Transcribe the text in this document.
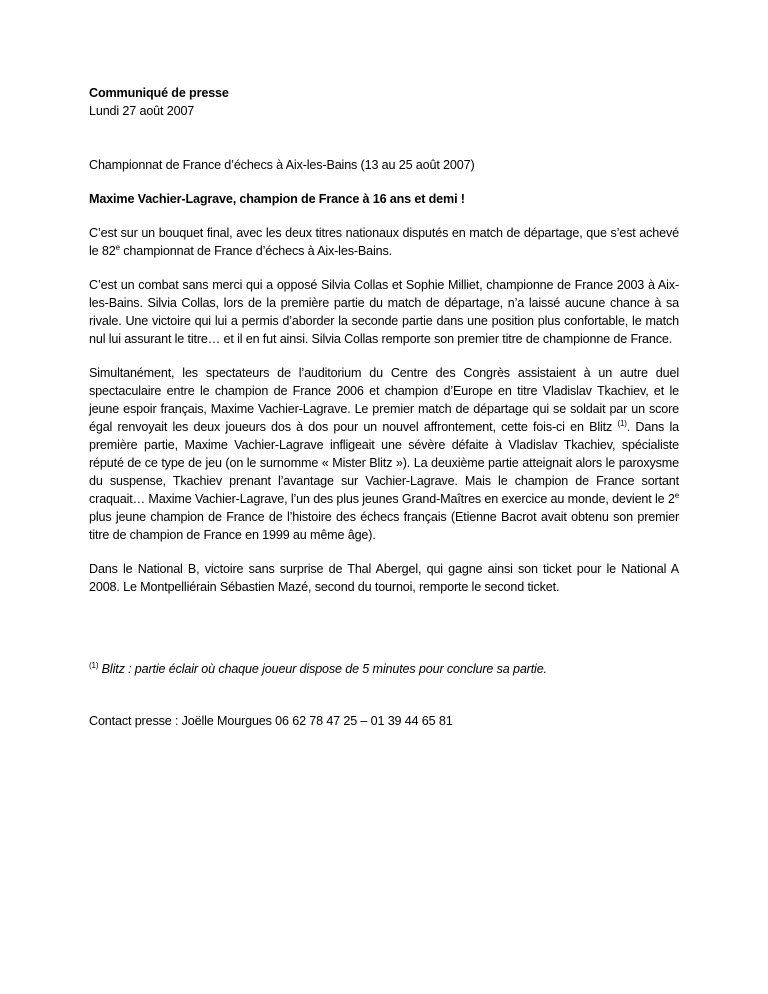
Communiqué de presse
Lundi 27 août 2007

Championnat de France d’échecs à Aix-les-Bains (13 au 25 août 2007)

Maxime Vachier-Lagrave, champion de France à 16 ans et demi !

C’est sur un bouquet final, avec les deux titres nationaux disputés en match de départage, que s’est achevé le 82e championnat de France d’échecs à Aix-les-Bains.

C’est un combat sans merci qui a opposé Silvia Collas et Sophie Milliet, championne de France 2003 à Aix-les-Bains. Silvia Collas, lors de la première partie du match de départage, n’a laissé aucune chance à sa rivale. Une victoire qui lui a permis d’aborder la seconde partie dans une position plus confortable, le match nul lui assurant le titre… et il en fut ainsi. Silvia Collas remporte son premier titre de championne de France.

Simultanément, les spectateurs de l’auditorium du Centre des Congrès assistaient à un autre duel spectaculaire entre le champion de France 2006 et champion d’Europe en titre Vladislav Tkachiev, et le jeune espoir français, Maxime Vachier-Lagrave. Le premier match de départage qui se soldait par un score égal renvoyait les deux joueurs dos à dos pour un nouvel affrontement, cette fois-ci en Blitz $^{(1)}$. Dans la première partie, Maxime Vachier-Lagrave infligeait une sévère défaite à Vladislav Tkachiev, spécialiste réputé de ce type de jeu (on le surnomme « Mister Blitz »). La deuxième partie atteignait alors le paroxysme du suspense, Tkachiev prenant l’avantage sur Vachier-Lagrave. Mais le champion de France sortant craquait… Maxime Vachier-Lagrave, l’un des plus jeunes Grand-Maîtres en exercice au monde, devient le 2e plus jeune champion de France de l’histoire des échecs français (Etienne Bacrot avait obtenu son premier titre de champion de France en 1999 au même âge).

Dans le National B, victoire sans surprise de Thal Abergel, qui gagne ainsi son ticket pour le National A 2008. Le Montpelliérain Sébastien Mazé, second du tournoi, remporte le second ticket.

$^{(1)}$ Blitz : partie éclair où chaque joueur dispose de 5 minutes pour conclure sa partie.

Contact presse : Joëlle Mourgues 06 62 78 47 25 – 01 39 44 65 81
